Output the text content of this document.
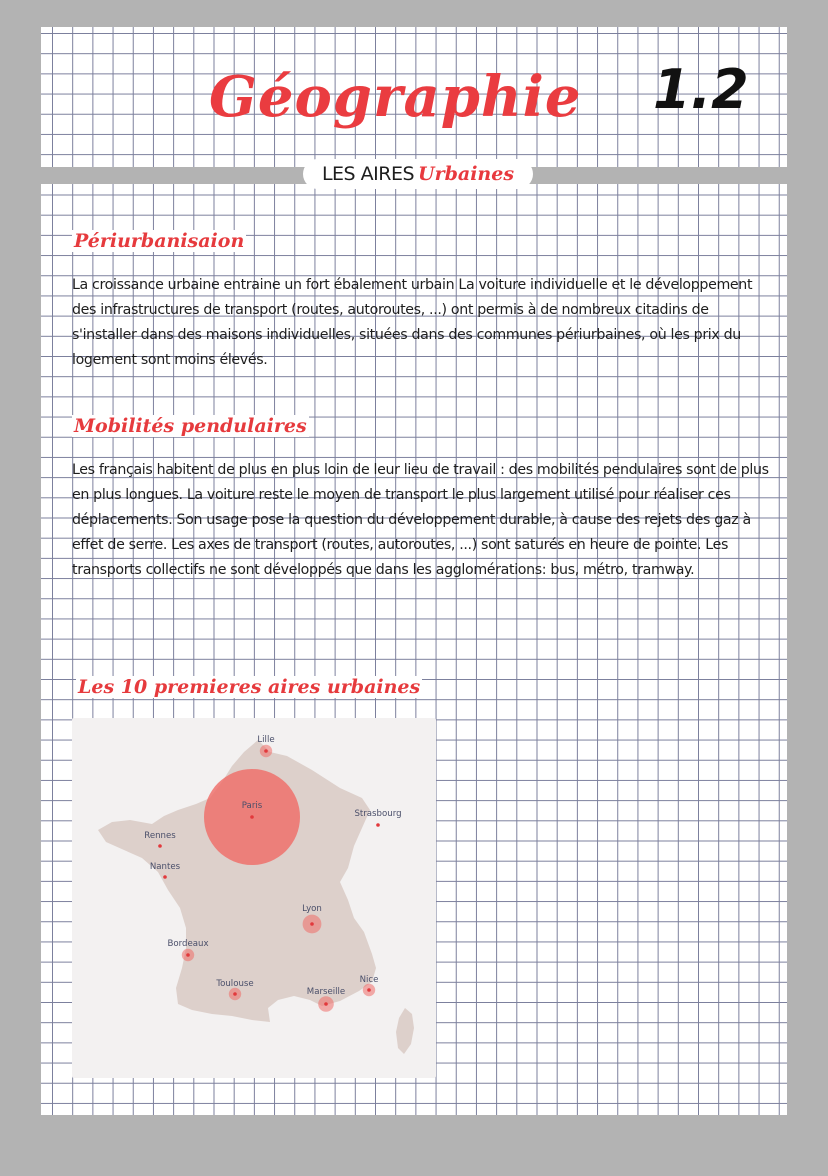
Géographie 1.2
LES AIRES Urbaines
Périurbanisaion

La croissance urbaine entraine un fort ébalement urbain La voiture individuelle et le développement des infrastructures de transport (routes, autoroutes, ...) ont permis à de nombreux citadins de s'installer dans des maisons individuelles, situées dans des communes périurbaines, où les prix du logement sont moins élevés.

Mobilités pendulaires

Les français habitent de plus en plus loin de leur lieu de travail : des mobilités pendulaires sont de plus en plus longues. La voiture reste le moyen de transport le plus largement utilisé pour réaliser ces déplacements. Son usage pose la question du développement durable, à cause des rejets des gaz à effet de serre. Les axes de transport (routes, autoroutes, ...) sont saturés en heure de pointe. Les transports collectifs ne sont développés que dans les agglomérations: bus, métro, tramway.

Les 10 premieres aires urbaines
Lille
Paris
Strasbourg
Rennes
Nantes
Lyon
Bordeaux
Toulouse
Marseille
Nice
